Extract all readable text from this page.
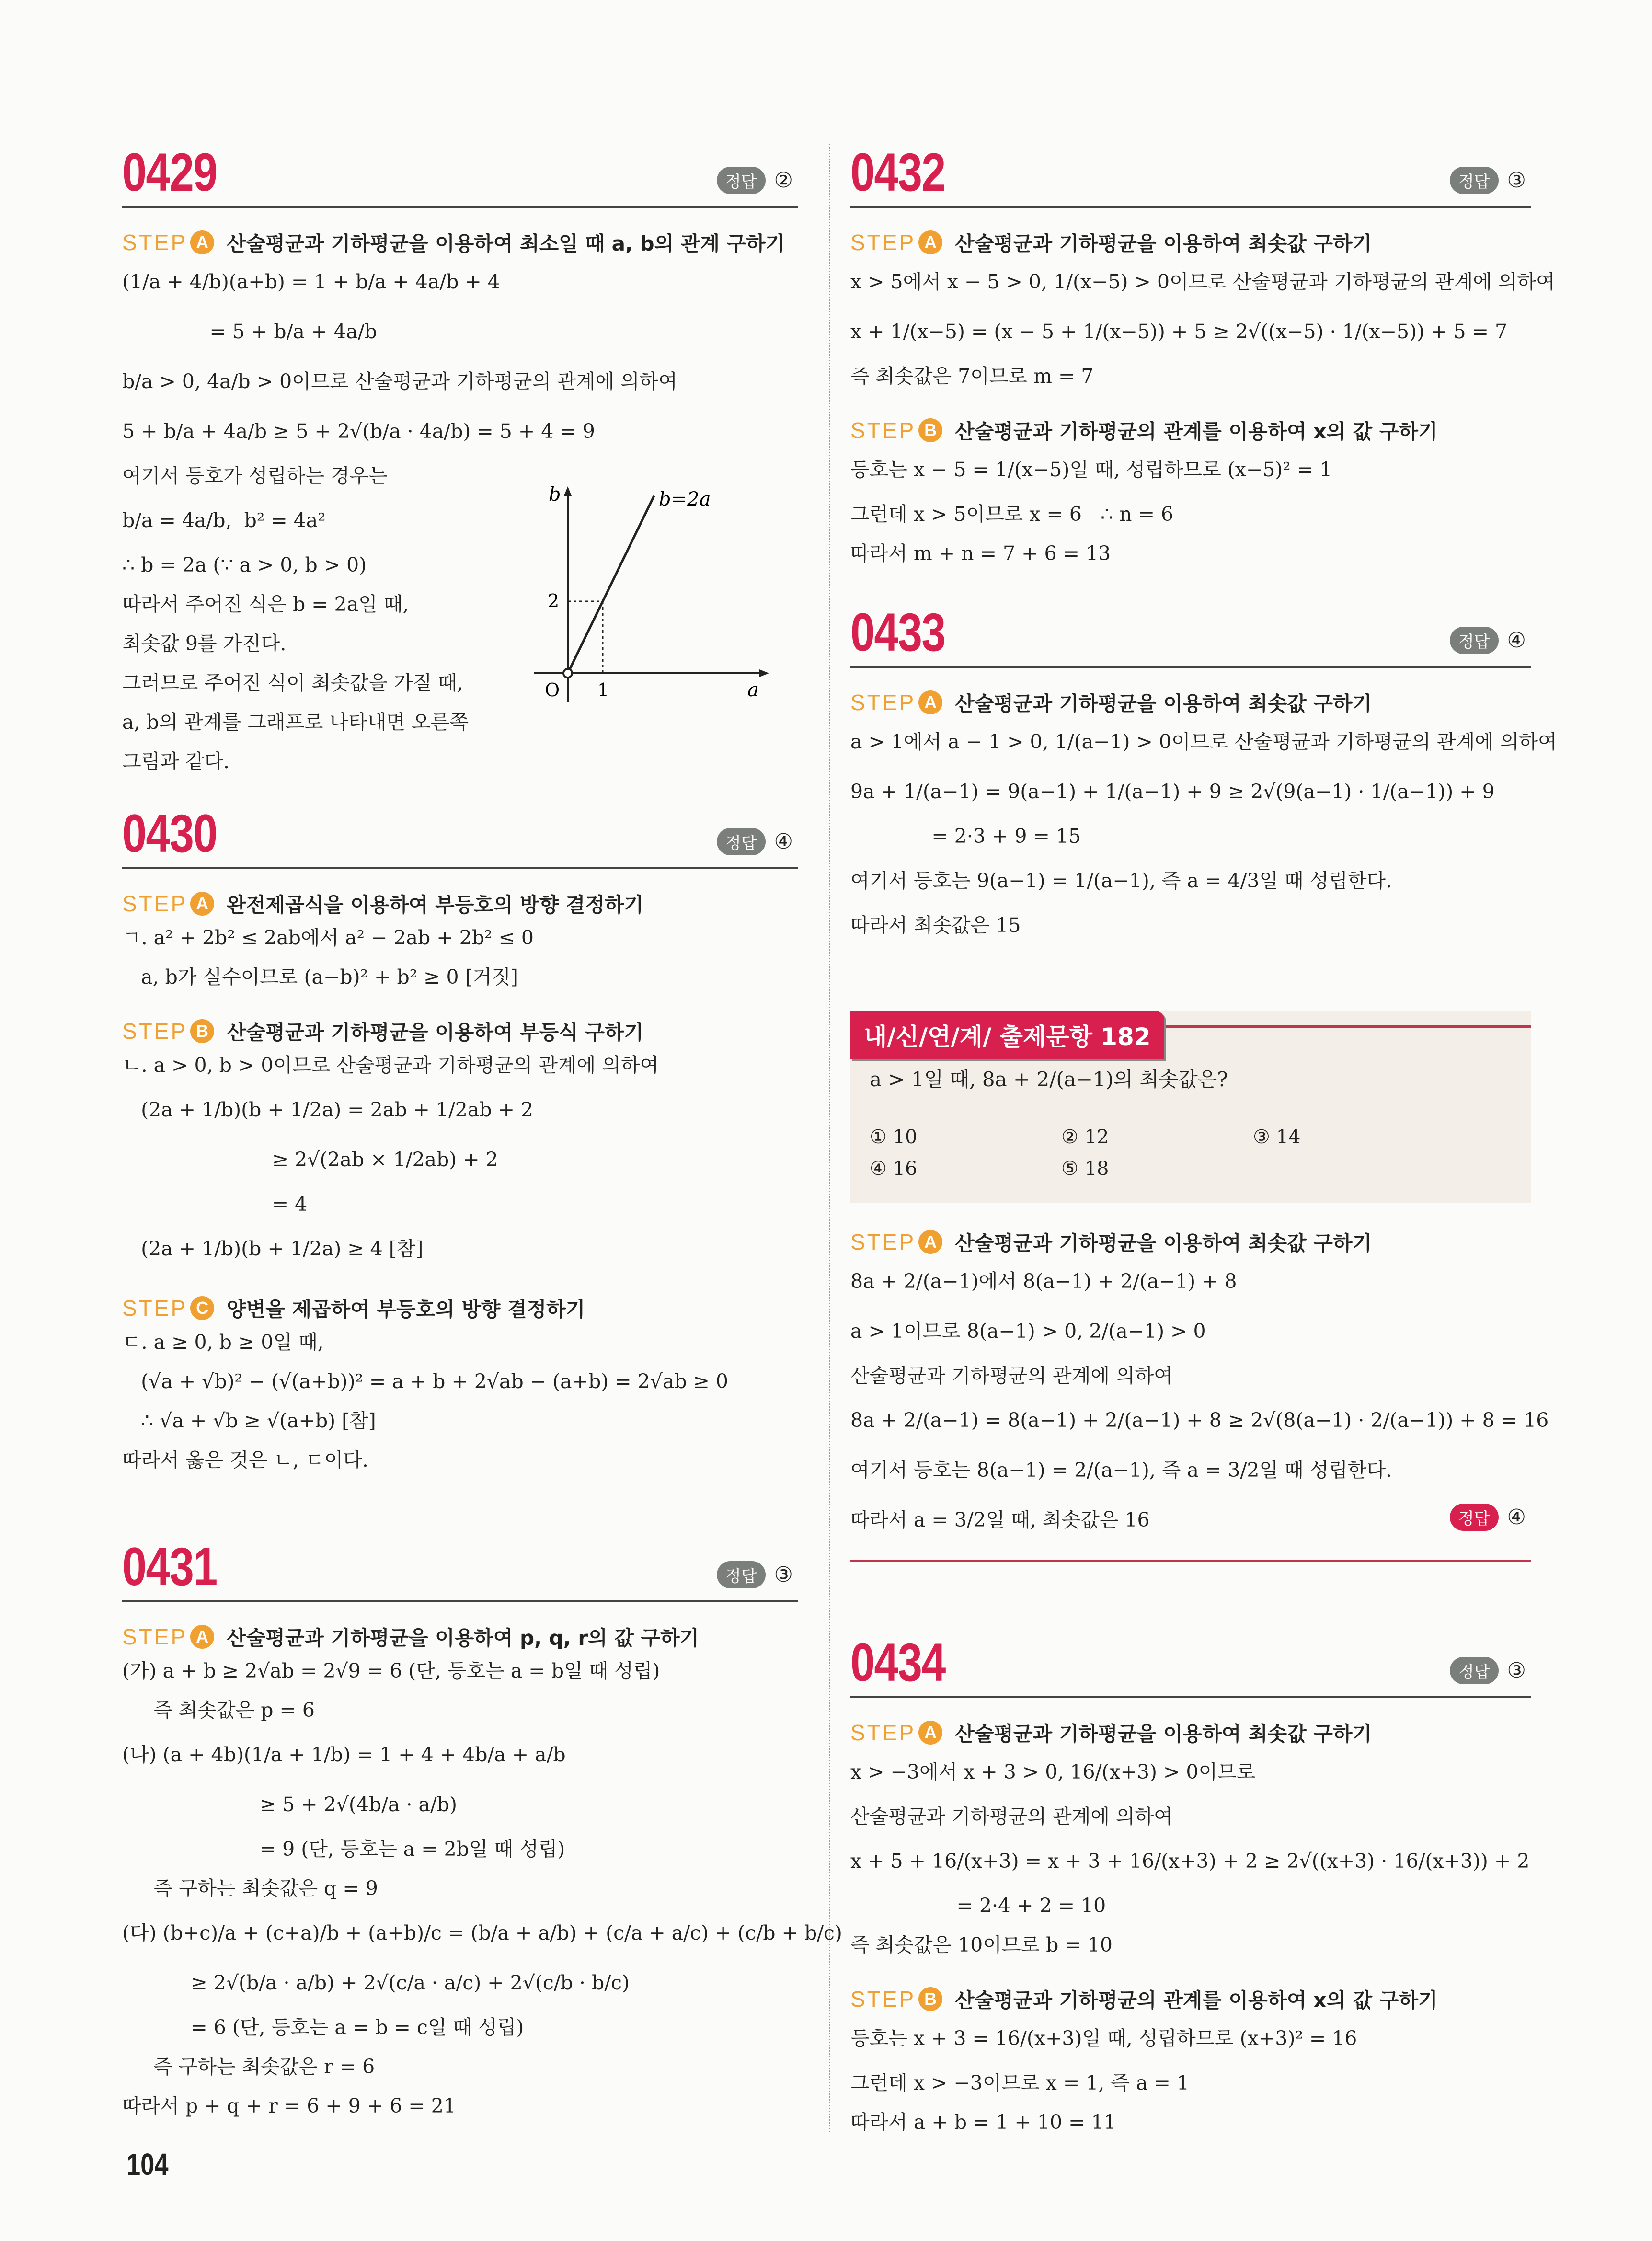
0429	정답 ②
STEP A 산술평균과 기하평균을 이용하여 최소일 때 a, b의 관계 구하기
(1/a + 4/b)(a+b) = 1 + b/a + 4a/b + 4
= 5 + b/a + 4a/b
b/a > 0, 4a/b > 0이므로 산술평균과 기하평균의 관계에 의하여
5 + b/a + 4a/b ≥ 5 + 2√(b/a · 4a/b) = 5 + 4 = 9
여기서 등호가 성립하는 경우는
b/a = 4a/b,  b² = 4a²
∴ b = 2a (∵ a > 0, b > 0)
따라서 주어진 식은 b = 2a일 때,
최솟값 9를 가진다.
그러므로 주어진 식이 최솟값을 가질 때,
a, b의 관계를 그래프로 나타내면 오른쪽
그림과 같다.
b	b=2a
2
O 1	a
0430	정답 ④
STEP A 완전제곱식을 이용하여 부등호의 방향 결정하기
ㄱ. a² + 2b² ≤ 2ab에서 a² − 2ab + 2b² ≤ 0
a, b가 실수이므로 (a−b)² + b² ≥ 0 [거짓]
STEP B 산술평균과 기하평균을 이용하여 부등식 구하기
ㄴ. a > 0, b > 0이므로 산술평균과 기하평균의 관계에 의하여
(2a + 1/b)(b + 1/2a) = 2ab + 1/2ab + 2
≥ 2√(2ab × 1/2ab) + 2
= 4
(2a + 1/b)(b + 1/2a) ≥ 4 [참]
STEP C 양변을 제곱하여 부등호의 방향 결정하기
ㄷ. a ≥ 0, b ≥ 0일 때,
(√a + √b)² − (√(a+b))² = a + b + 2√ab − (a+b) = 2√ab ≥ 0
∴ √a + √b ≥ √(a+b) [참]
따라서 옳은 것은 ㄴ, ㄷ이다.
0431	정답 ③
STEP A 산술평균과 기하평균을 이용하여 p, q, r의 값 구하기
(가) a + b ≥ 2√ab = 2√9 = 6 (단, 등호는 a = b일 때 성립)
즉 최솟값은 p = 6
(나) (a + 4b)(1/a + 1/b) = 1 + 4 + 4b/a + a/b
≥ 5 + 2√(4b/a · a/b)
= 9 (단, 등호는 a = 2b일 때 성립)
즉 구하는 최솟값은 q = 9
(다) (b+c)/a + (c+a)/b + (a+b)/c = (b/a + a/b) + (c/a + a/c) + (c/b + b/c)
≥ 2√(b/a · a/b) + 2√(c/a · a/c) + 2√(c/b · b/c)
= 6 (단, 등호는 a = b = c일 때 성립)
즉 구하는 최솟값은 r = 6
따라서 p + q + r = 6 + 9 + 6 = 21
0432	정답 ③
STEP A 산술평균과 기하평균을 이용하여 최솟값 구하기
x > 5에서 x − 5 > 0, 1/(x−5) > 0이므로 산술평균과 기하평균의 관계에 의하여
x + 1/(x−5) = (x − 5 + 1/(x−5)) + 5 ≥ 2√((x−5) · 1/(x−5)) + 5 = 7
즉 최솟값은 7이므로 m = 7
STEP B 산술평균과 기하평균의 관계를 이용하여 x의 값 구하기
등호는 x − 5 = 1/(x−5)일 때, 성립하므로 (x−5)² = 1
그런데 x > 5이므로 x = 6   ∴ n = 6
따라서 m + n = 7 + 6 = 13
0433	정답 ④
STEP A 산술평균과 기하평균을 이용하여 최솟값 구하기
a > 1에서 a − 1 > 0, 1/(a−1) > 0이므로 산술평균과 기하평균의 관계에 의하여
9a + 1/(a−1) = 9(a−1) + 1/(a−1) + 9 ≥ 2√(9(a−1) · 1/(a−1)) + 9
= 2·3 + 9 = 15
여기서 등호는 9(a−1) = 1/(a−1), 즉 a = 4/3일 때 성립한다.
따라서 최솟값은 15
0434	정답 ③
STEP A 산술평균과 기하평균을 이용하여 최솟값 구하기
x > −3에서 x + 3 > 0, 16/(x+3) > 0이므로
산술평균과 기하평균의 관계에 의하여
x + 5 + 16/(x+3) = x + 3 + 16/(x+3) + 2 ≥ 2√((x+3) · 16/(x+3)) + 2
= 2·4 + 2 = 10
즉 최솟값은 10이므로 b = 10
STEP B 산술평균과 기하평균의 관계를 이용하여 x의 값 구하기
등호는 x + 3 = 16/(x+3)일 때, 성립하므로 (x+3)² = 16
그런데 x > −3이므로 x = 1, 즉 a = 1
따라서 a + b = 1 + 10 = 11
내/신/연/계/ 출제문항 182
a > 1일 때, 8a + 2/(a−1)의 최솟값은?
① 10	② 12	③ 14
④ 16	⑤ 18
정답 ④
STEP A 산술평균과 기하평균을 이용하여 최솟값 구하기
8a + 2/(a−1)에서 8(a−1) + 2/(a−1) + 8
a > 1이므로 8(a−1) > 0, 2/(a−1) > 0
산술평균과 기하평균의 관계에 의하여
8a + 2/(a−1) = 8(a−1) + 2/(a−1) + 8 ≥ 2√(8(a−1) · 2/(a−1)) + 8 = 16
여기서 등호는 8(a−1) = 2/(a−1), 즉 a = 3/2일 때 성립한다.
따라서 a = 3/2일 때, 최솟값은 16
104
